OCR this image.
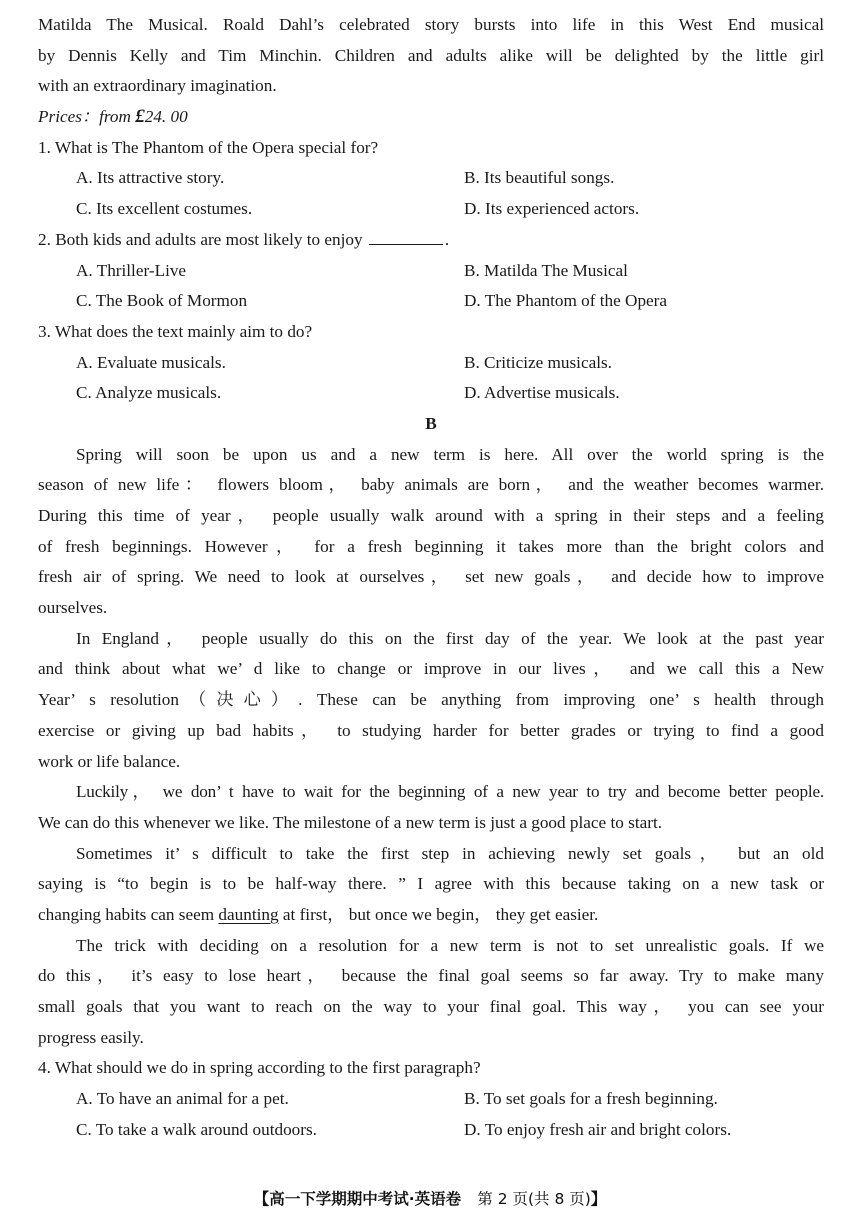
Matilda The Musical. Roald Dahl’s celebrated story bursts into life in this West End musical
by Dennis Kelly and Tim Minchin. Children and adults alike will be delighted by the little girl
with an extraordinary imagination.
Prices：from £24. 00
1. What is The Phantom of the Opera special for?
A. Its attractive story.	B. Its beautiful songs.
C. Its excellent costumes.	D. Its experienced actors.
2. Both kids and adults are most likely to enjoy	.
A. Thriller-Live	B. Matilda The Musical
C. The Book of Mormon	D. The Phantom of the Opera
3. What does the text mainly aim to do?
A. Evaluate musicals.	B. Criticize musicals.
C. Analyze musicals.	D. Advertise musicals.
B
Spring will soon be upon us and a new term is here. All over the world spring is the
season of new life： flowers bloom， baby animals are born， and the weather becomes warmer.
During this time of year， people usually walk around with a spring in their steps and a feeling
of fresh beginnings. However， for a fresh beginning it takes more than the bright colors and
fresh air of spring. We need to look at ourselves， set new goals， and decide how to improve
ourselves.
In England， people usually do this on the first day of the year. We look at the past year
and think about what we’ d like to change or improve in our lives， and we call this a New
Year’ s resolution（决心）. These can be anything from improving one’ s health through
exercise or giving up bad habits， to studying harder for better grades or trying to find a good
work or life balance.
Luckily， we don’ t have to wait for the beginning of a new year to try and become better people.
We can do this whenever we like. The milestone of a new term is just a good place to start.
Sometimes it’ s difficult to take the first step in achieving newly set goals， but an old
saying is “to begin is to be half-way there. ” I agree with this because taking on a new task or
changing habits can seem daunting at first， but once we begin， they get easier.
The trick with deciding on a resolution for a new term is not to set unrealistic goals. If we
do this， it’s easy to lose heart， because the final goal seems so far away. Try to make many
small goals that you want to reach on the way to your final goal. This way， you can see your
progress easily.
4. What should we do in spring according to the first paragraph?
A. To have an animal for a pet.	B. To set goals for a fresh beginning.
C. To take a walk around outdoors.	D. To enjoy fresh air and bright colors.
【高一下学期期中考试·英语卷 第 2 页(共 8 页)】
